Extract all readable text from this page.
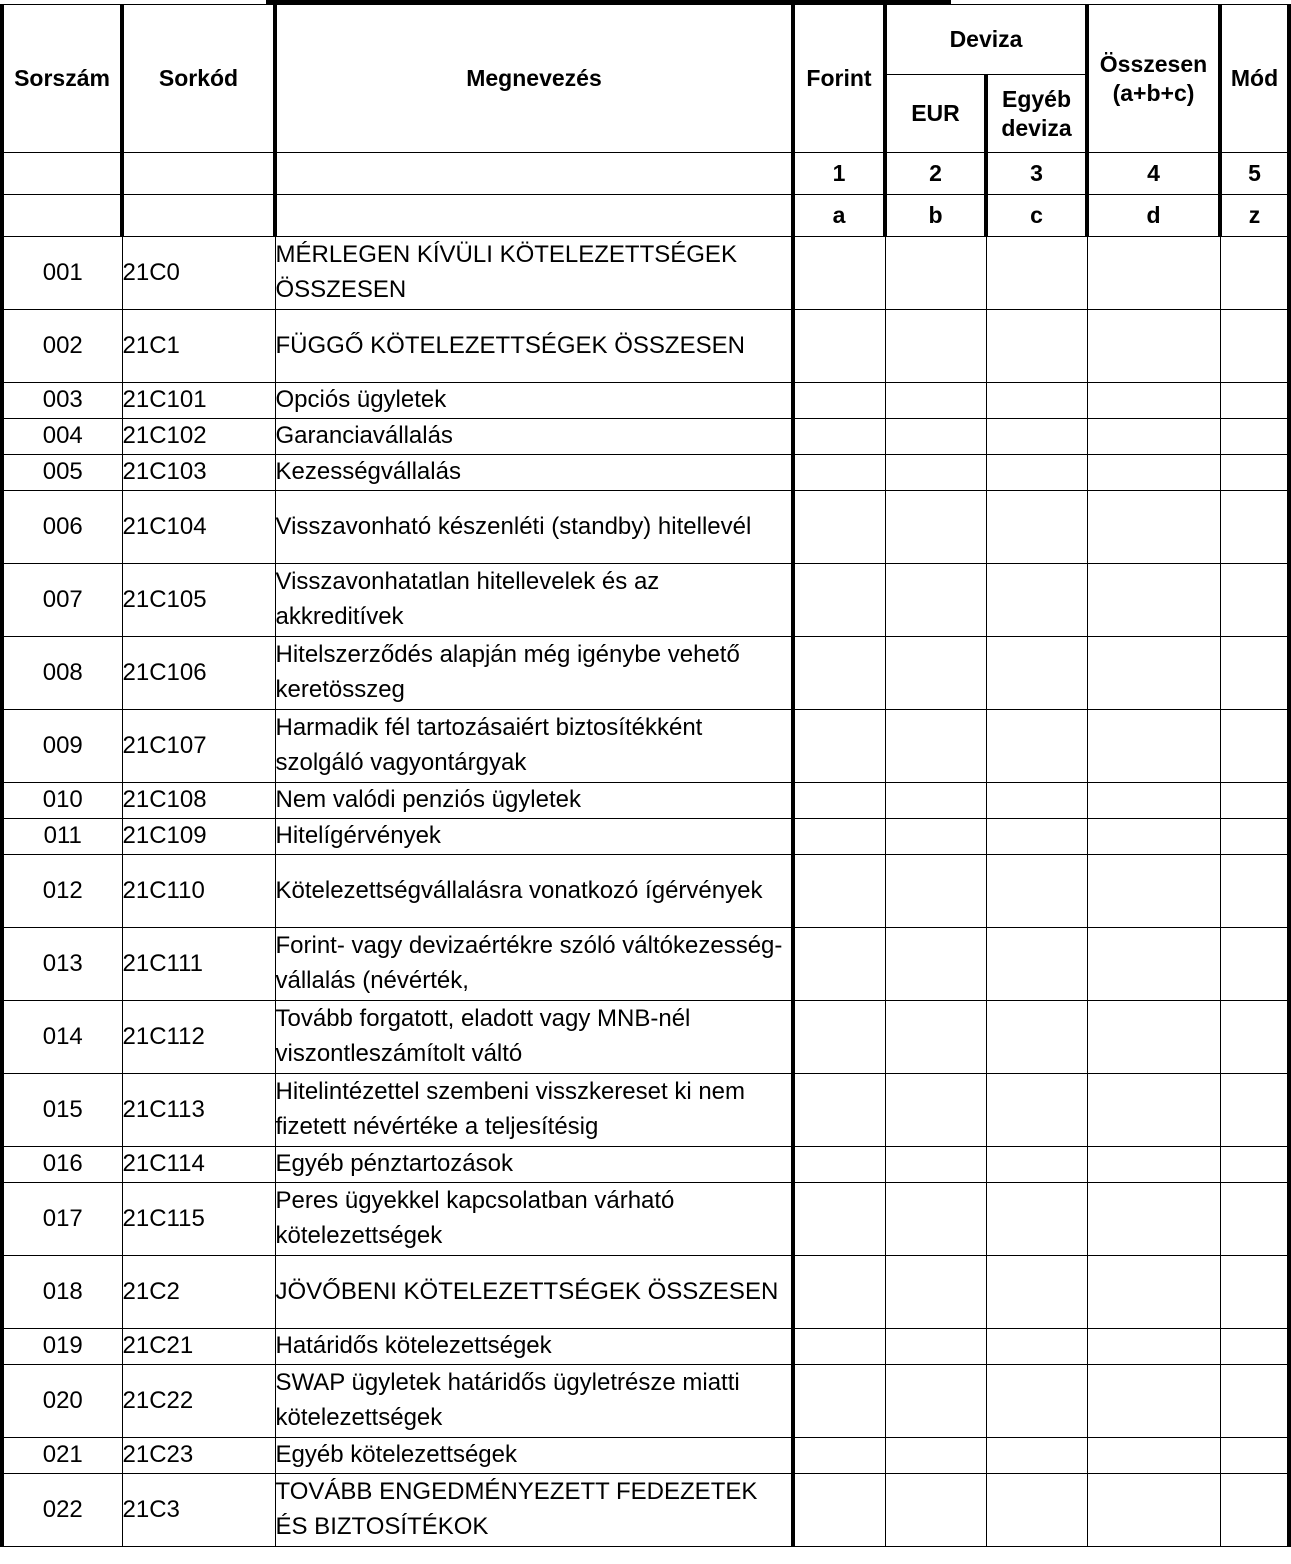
Sorszám	Sorkód	Megnevezés	Forint	Deviza		Összesen (a+b+c)	Mód
				EUR	Egyéb deviza		
			1	2	3	4	5
			a	b	c	d	z
001	21C0	MÉRLEGEN KÍVÜLI KÖTELEZETTSÉGEK ÖSSZESEN					
002	21C1	FÜGGŐ KÖTELEZETTSÉGEK ÖSSZESEN					
003	21C101	Opciós ügyletek					
004	21C102	Garanciavállalás					
005	21C103	Kezességvállalás					
006	21C104	Visszavonható készenléti (standby) hitellevél					
007	21C105	Visszavonhatatlan hitellevelek és az akkreditívek					
008	21C106	Hitelszerződés alapján még igénybe vehető keretösszeg					
009	21C107	Harmadik fél tartozásaiért biztosítékként szolgáló vagyontárgyak					
010	21C108	Nem valódi penziós ügyletek					
011	21C109	Hitelígérvények					
012	21C110	Kötelezettségvállalásra vonatkozó ígérvények					
013	21C111	Forint- vagy devizaértékre szóló váltókezesség-vállalás (névérték,					
014	21C112	Tovább forgatott, eladott vagy MNB-nél viszontleszámítolt váltó					
015	21C113	Hitelintézettel szembeni visszkereset ki nem fizetett névértéke a teljesítésig					
016	21C114	Egyéb pénztartozások					
017	21C115	Peres ügyekkel kapcsolatban várható kötelezettségek					
018	21C2	JÖVŐBENI KÖTELEZETTSÉGEK ÖSSZESEN					
019	21C21	Határidős kötelezettségek					
020	21C22	SWAP ügyletek határidős ügyletrésze miatti kötelezettségek					
021	21C23	Egyéb kötelezettségek					
022	21C3	TOVÁBB ENGEDMÉNYEZETT FEDEZETEK ÉS BIZTOSÍTÉKOK					
